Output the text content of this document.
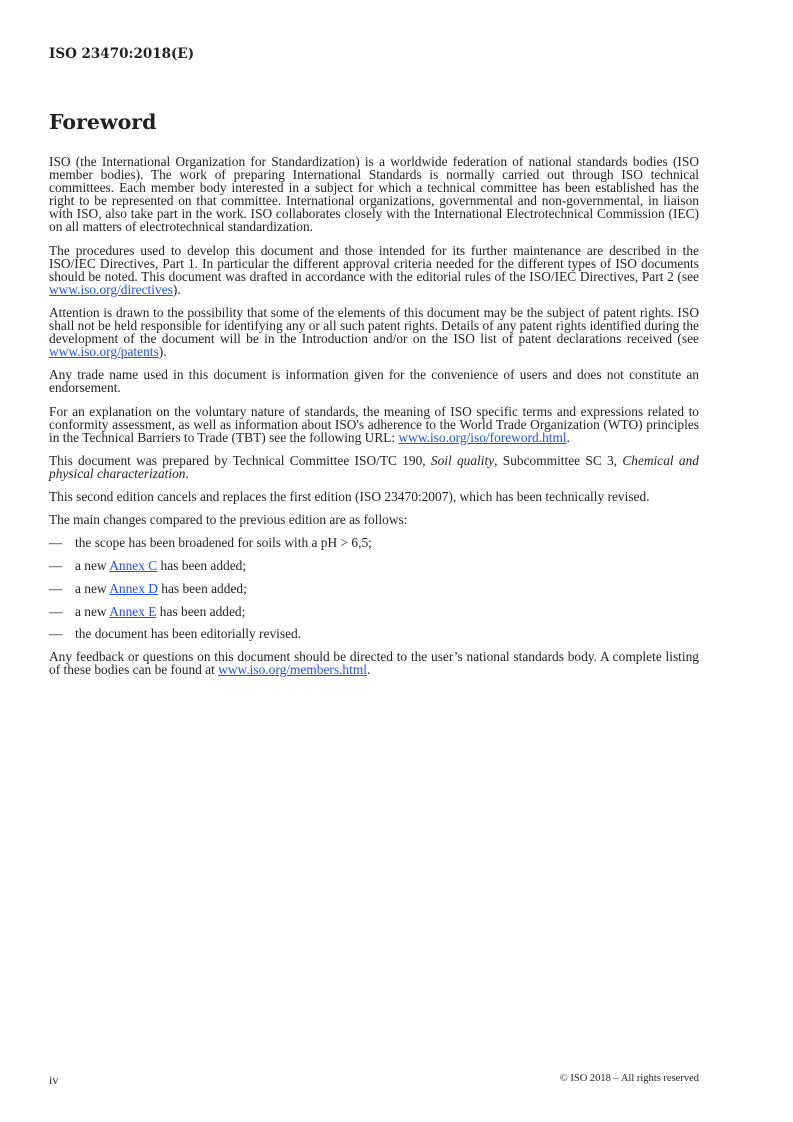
ISO 23470:2018(E)
Foreword

ISO (the International Organization for Standardization) is a worldwide federation of national standards bodies (ISO member bodies). The work of preparing International Standards is normally carried out through ISO technical committees. Each member body interested in a subject for which a technical committee has been established has the right to be represented on that committee. International organizations, governmental and non-governmental, in liaison with ISO, also take part in the work. ISO collaborates closely with the International Electrotechnical Commission (IEC) on all matters of electrotechnical standardization.

The procedures used to develop this document and those intended for its further maintenance are described in the ISO/IEC Directives, Part 1. In particular the different approval criteria needed for the different types of ISO documents should be noted. This document was drafted in accordance with the editorial rules of the ISO/IEC Directives, Part 2 (see www.iso.org/directives).

Attention is drawn to the possibility that some of the elements of this document may be the subject of patent rights. ISO shall not be held responsible for identifying any or all such patent rights. Details of any patent rights identified during the development of the document will be in the Introduction and/or on the ISO list of patent declarations received (see www.iso.org/patents).

Any trade name used in this document is information given for the convenience of users and does not constitute an endorsement.

For an explanation on the voluntary nature of standards, the meaning of ISO specific terms and expressions related to conformity assessment, as well as information about ISO's adherence to the World Trade Organization (WTO) principles in the Technical Barriers to Trade (TBT) see the following URL: www.iso.org/iso/foreword.html.

This document was prepared by Technical Committee ISO/TC 190, Soil quality, Subcommittee SC 3, Chemical and physical characterization.

This second edition cancels and replaces the first edition (ISO 23470:2007), which has been technically revised.

The main changes compared to the previous edition are as follows:

— the scope has been broadened for soils with a pH > 6,5;
— a new Annex C has been added;
— a new Annex D has been added;
— a new Annex E has been added;
— the document has been editorially revised.

Any feedback or questions on this document should be directed to the user’s national standards body. A complete listing of these bodies can be found at www.iso.org/members.html.

iv	© ISO 2018 – All rights reserved
